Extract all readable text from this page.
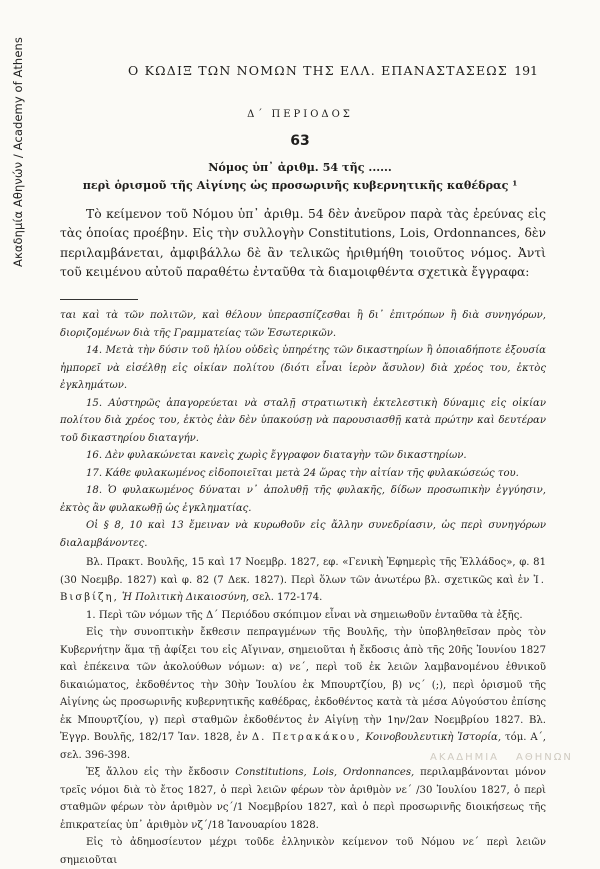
Ακαδημία Αθηνών / Academy of Athens	Ο ΚΩΔΙΞ ΤΩΝ ΝΟΜΩΝ ΤΗΣ ΕΛΛ. ΕΠΑΝΑΣΤΑΣΕΩΣ 191
Δ΄ ΠΕΡΙΟΔΟΣ
63
Νόμος ὑπ᾽ ἀριθμ. 54 τῆς ......
περὶ ὁρισμοῦ τῆς Αἰγίνης ὡς προσωρινῆς κυβερνητικῆς καθέδρας ¹

Τὸ κείμενον τοῦ Νόμου ὑπ᾽ ἀριθμ. 54 δὲν ἀνεῦρον παρὰ τὰς ἐρεύνας εἰς τὰς ὁποίας προέβην. Εἰς τὴν συλλογὴν Constitutions, Lois, Ordonnances, δὲν περιλαμβάνεται, ἀμφιβάλλω δὲ ἂν τελικῶς ἠριθμήθη τοιοῦτος νόμος. Ἀντὶ τοῦ κειμένου αὐτοῦ παραθέτω ἐνταῦθα τὰ διαμοιφθέντα σχετικὰ ἔγγραφα:

ται καὶ τὰ τῶν πολιτῶν, καὶ θέλουν ὑπερασπίζεσθαι ἢ δι᾽ ἐπιτρόπων ἢ διὰ συνηγόρων, διοριζομένων διὰ τῆς Γραμματείας τῶν Ἐσωτερικῶν.

14. Μετὰ τὴν δύσιν τοῦ ἡλίου οὐδεὶς ὑπηρέτης τῶν δικαστηρίων ἢ ὁποιαδήποτε ἐξουσία ἠμπορεῖ νὰ εἰσέλθῃ εἰς οἰκίαν πολίτου (διότι εἶναι ἱερὸν ἄσυλον) διὰ χρέος του, ἐκτὸς ἐγκλημάτων.

15. Αὐστηρῶς ἀπαγορεύεται νὰ σταλῇ στρατιωτικὴ ἐκτελεστικὴ δύναμις εἰς οἰκίαν πολίτου διὰ χρέος του, ἐκτὸς ἐὰν δὲν ὑπακούσῃ νὰ παρουσιασθῇ κατὰ πρώτην καὶ δευτέραν τοῦ δικαστηρίου διαταγήν.

16. Δὲν φυλακώνεται κανεὶς χωρὶς ἔγγραφον διαταγὴν τῶν δικαστηρίων.

17. Κάθε φυλακωμένος εἰδοποιεῖται μετὰ 24 ὥρας τὴν αἰτίαν τῆς φυλακώσεώς του.

18. Ὁ φυλακωμένος δύναται ν᾽ ἀπολυθῇ τῆς φυλακῆς, δίδων προσωπικὴν ἐγγύησιν, ἐκτὸς ἂν φυλακωθῇ ὡς ἐγκληματίας.

Οἱ § 8, 10 καὶ 13 ἔμειναν νὰ κυρωθοῦν εἰς ἄλλην συνεδρίασιν, ὡς περὶ συνηγόρων διαλαμβάνοντες.

Βλ. Πρακτ. Βουλῆς, 15 καὶ 17 Νοεμβρ. 1827, εφ. «Γενικὴ Ἐφημερὶς τῆς Ἑλλάδος», φ. 81 (30 Νοεμβρ. 1827) καὶ φ. 82 (7 Δεκ. 1827). Περὶ ὅλων τῶν ἀνωτέρω βλ. σχετικῶς καὶ ἐν Ἰ. Βισβίζη, Ἡ Πολιτικὴ Δικαιοσύνη, σελ. 172-174.

1. Περὶ τῶν νόμων τῆς Δ΄ Περιόδου σκόπιμον εἶναι νὰ σημειωθοῦν ἐνταῦθα τὰ ἑξῆς.

Εἰς τὴν συνοπτικὴν ἔκθεσιν πεπραγμένων τῆς Βουλῆς, τὴν ὑποβληθεῖσαν πρὸς τὸν Κυβερνήτην ἅμα τῇ ἀφίξει του εἰς Αἴγιναν, σημειοῦται ἡ ἔκδοσις ἀπὸ τῆς 20ῆς Ἰουνίου 1827 καὶ ἐπέκεινα τῶν ἀκολούθων νόμων: α) νε΄, περὶ τοῦ ἐκ λειῶν λαμβανομένου ἐθνικοῦ δικαιώματος, ἐκδοθέντος τὴν 30ὴν Ἰουλίου ἐκ Μπουρτζίου, β) νς΄ (;), περὶ ὁρισμοῦ τῆς Αἰγίνης ὡς προσωρινῆς κυβερνητικῆς καθέδρας, ἐκδοθέντος κατὰ τὰ μέσα Αὐγούστου ἐπίσης ἐκ Μπουρτζίου, γ) περὶ σταθμῶν ἐκδοθέντος ἐν Αἰγίνῃ τὴν 1ην/2αν Νοεμβρίου 1827. Βλ. Ἐγγρ. Βουλῆς, 182/17 Ἰαν. 1828, ἐν Δ. Πετρακάκου, Κοινοβουλευτικὴ Ἱστορία, τόμ. Α΄, σελ. 396-398.

Ἐξ ἄλλου εἰς τὴν ἔκδοσιν Constitutions, Lois, Ordonnances, περιλαμβάνονται μόνον τρεῖς νόμοι διὰ τὸ ἔτος 1827, ὁ περὶ λειῶν φέρων τὸν ἀριθμὸν νε΄ /30 Ἰουλίου 1827, ὁ περὶ σταθμῶν φέρων τὸν ἀριθμὸν νς΄/1 Νοεμβρίου 1827, καὶ ὁ περὶ προσωρινῆς διοικήσεως τῆς ἐπικρατείας ὑπ᾽ ἀριθμὸν νζ΄/18 Ἰανουαρίου 1828.

Εἰς τὸ ἀδημοσίευτον μέχρι τοῦδε ἑλληνικὸν κείμενον τοῦ Νόμου νε΄ περὶ λειῶν σημειοῦται

ΑΚΑΔΗΜΙΑ ΑΘΗΝΩΝ
